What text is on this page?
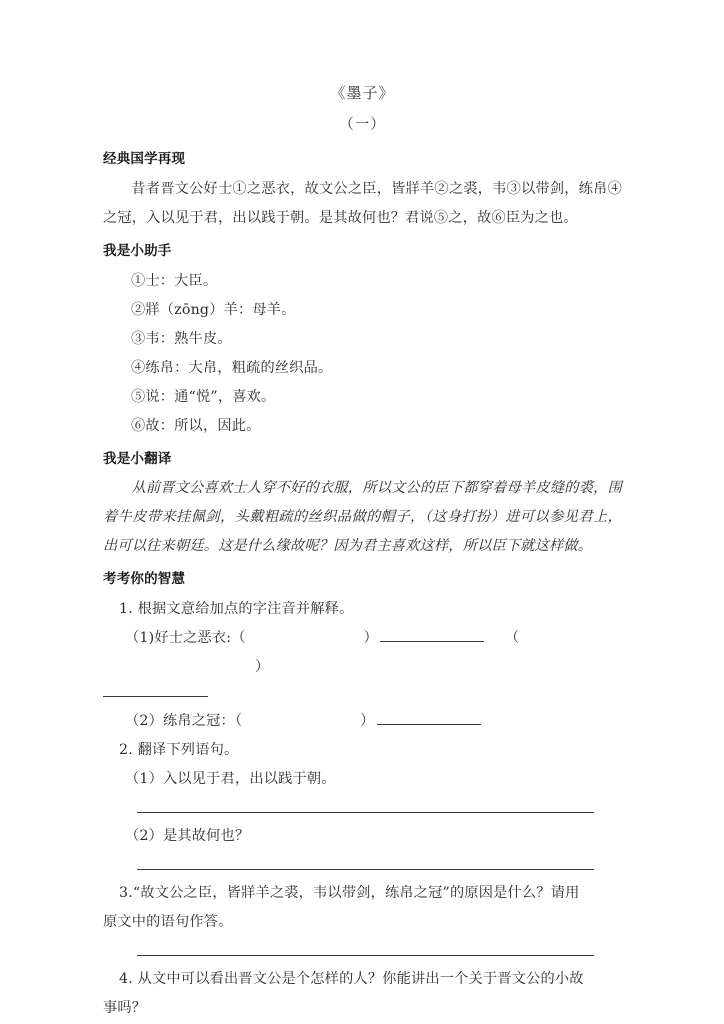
《墨子》
（一）
经典国学再现

昔者晋文公好士①之恶衣，故文公之臣，皆牂羊②之裘，韦③以带剑，练帛④之冠，入以见于君，出以践于朝。是其故何也？君说⑤之，故⑥臣为之也。

我是小助手
①士：大臣。
②牂（zōng）羊：母羊。
③韦：熟牛皮。
④练帛：大帛，粗疏的丝织品。
⑤说：通“悦”，喜欢。
⑥故：所以，因此。
我是小翻译

从前晋文公喜欢士人穿不好的衣服，所以文公的臣下都穿着母羊皮缝的裘，围着牛皮带来挂佩剑，头戴粗疏的丝织品做的帽子，（这身打扮）进可以参见君上，出可以往来朝廷。这是什么缘故呢？因为君主喜欢这样，所以臣下就这样做。

考考你的智慧
1. 根据文意给加点的字注音并解释。
（1)好士之恶衣:（	）	（）
（2）练帛之冠：（	）
2. 翻译下列语句。
（1）入以见于君，出以践于朝。
（2）是其故何也？
3.“故文公之臣，皆牂羊之裘，韦以带剑，练帛之冠”的原因是什么？请用
原文中的语句作答。
4. 从文中可以看出晋文公是个怎样的人？你能讲出一个关于晋文公的小故
事吗？
